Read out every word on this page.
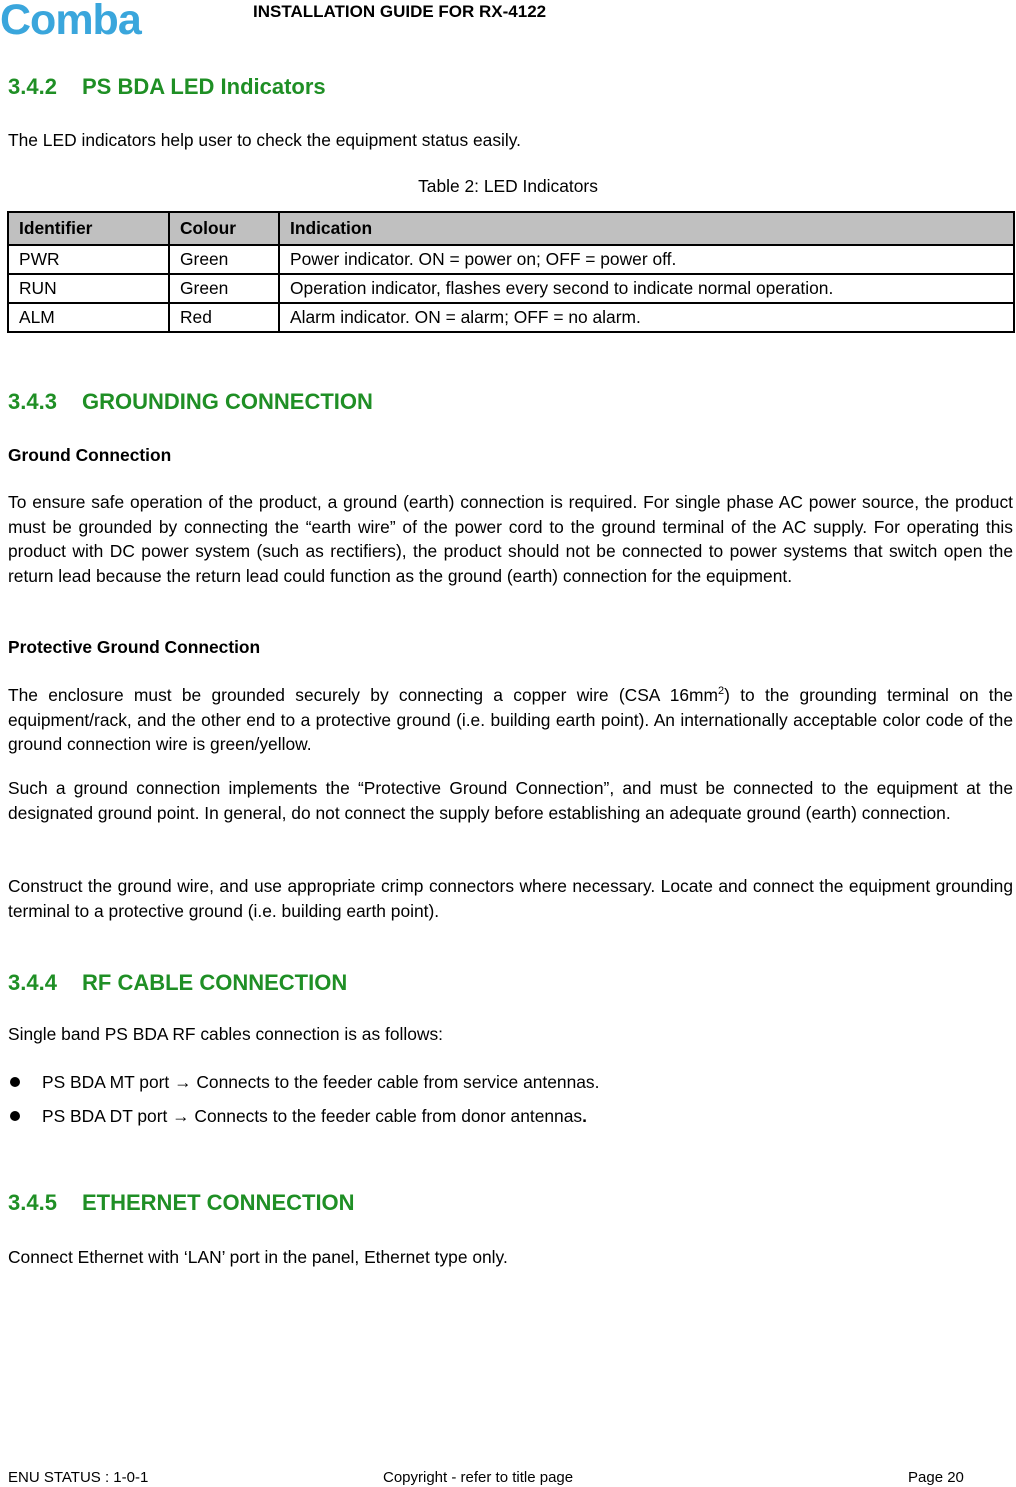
Comba	INSTALLATION GUIDE FOR RX-4122
3.4.2 PS BDA LED Indicators
The LED indicators help user to check the equipment status easily.
Table 2: LED Indicators
Identifier	Colour	Indication
PWR	Green	Power indicator. ON = power on; OFF = power off.
RUN	Green	Operation indicator, flashes every second to indicate normal operation.
ALM	Red	Alarm indicator. ON = alarm; OFF = no alarm.
3.4.3 GROUNDING CONNECTION
Ground Connection
To ensure safe operation of the product, a ground (earth) connection is required. For single phase AC power source, the product must be grounded by connecting the “earth wire” of the power cord to the ground terminal of the AC supply. For operating this product with DC power system (such as rectifiers), the product should not be connected to power systems that switch open the return lead because the return lead could function as the ground (earth) connection for the equipment.
Protective Ground Connection
The enclosure must be grounded securely by connecting a copper wire (CSA $16mm^2$) to the grounding terminal on the equipment/rack, and the other end to a protective ground (i.e. building earth point). An internationally acceptable color code of the ground connection wire is green/yellow.
Such a ground connection implements the “Protective Ground Connection”, and must be connected to the equipment at the designated ground point. In general, do not connect the supply before establishing an adequate ground (earth) connection.
Construct the ground wire, and use appropriate crimp connectors where necessary. Locate and connect the equipment grounding terminal to a protective ground (i.e. building earth point).
3.4.4 RF CABLE CONNECTION
Single band PS BDA RF cables connection is as follows:
PS BDA MT port → Connects to the feeder cable from service antennas.
PS BDA DT port → Connects to the feeder cable from donor antennas.
3.4.5 ETHERNET CONNECTION
Connect Ethernet with ‘LAN’ port in the panel, Ethernet type only.
ENU STATUS : 1-0-1	Copyright - refer to title page	Page 20
